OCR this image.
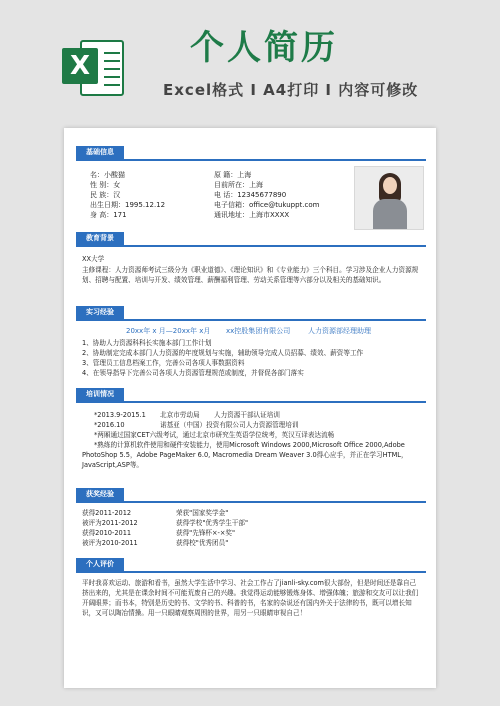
X	个人简历
Excel格式 Ⅰ A4打印 Ⅰ 内容可修改
基础信息
名：小酸猫
性 别：女
民 族：汉
出生日期：1995.12.12
身 高：171
原 籍：上海
目前所在：上海
电 话：12345677890
电子信箱：office@tukuppt.com
通讯地址：上海市XXXX
教育背景
XX大学
主修课程：人力资源师考试三级分为《职业道德》、《理论知识》和《专业能力》三个科目。学习涉及企业人力资源规划、招聘与配置、培训与开发、绩效管理、薪酬福利管理、劳动关系管理等六部分以及相关的基础知识。
实习经验
20xx年 x 月—20xx年 x月 xx控股集团有限公司	人力资源部经理助理
1、协助人力资源科科长实施本部门工作计划
2、协助制定完成本部门人力资源的年度规划与实施，辅助领导完成人员招募、绩效、薪资等工作
3、管理员工信息档案工作，完善公司各项人事数据资料
4、在领导指导下完善公司各项人力资源管理规范或制度，并督促各部门落实
培训情况
*2013.9-2015.1 北京市劳动局 人力资源干部认证培训
*2016.10	诺基亚（中国）投资有限公司人力资源管理培训
*两厢通过国家CET六级考试，通过北京市研究生英语学位统考，英汉互译表达流畅
*熟练的计算机软件使用和硬件安装能力，使用Microsoft Windows 2000,Microsoft Office 2000,Adobe PhotoShop 5.5，Adobe PageMaker 6.0, Macromedia Dream Weaver 3.0得心应手，并正在学习HTML，JavaScript,ASP等。
获奖经验
获得2011-2012	荣获"国家奖学金"
被评为2011-2012	获得学校"优秀学生干部"
获得2010-2011	获得"先锋杯×-×奖"
被评为2010-2011	获得校"优秀团员"
个人评价
平时我喜欢运动、旅游和看书，虽然大学生活中学习、社会工作占了jianli-sky.com很大部份，但是时间还是靠自己挤出来的，尤其是在课余时间不可能荒废自己的兴趣。我觉得运动能够锻炼身体、增强体魄；旅游和交友可以让我们开阔眼界；而书本，特别是历史的书、文学的书、科普的书，名家的杂说还有国内外关于法律的书，既可以增长知识，又可以陶冶情操。用一只眼睛观察周围的世界，用另一只眼睛审视自己！
